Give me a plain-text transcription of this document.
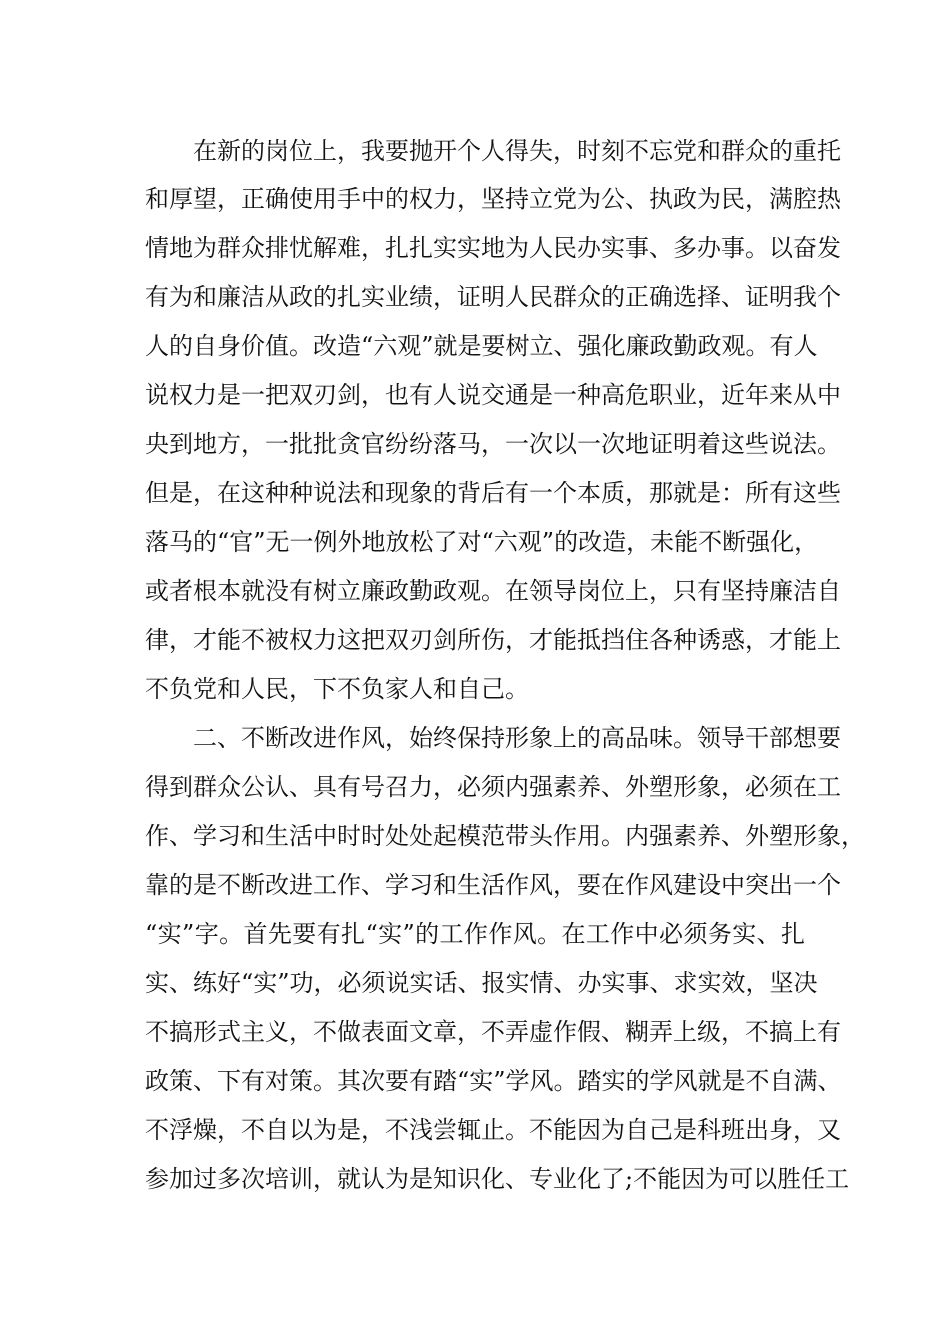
在新的岗位上，我要抛开个人得失，时刻不忘党和群众的重托

和厚望，正确使用手中的权力，坚持立党为公、执政为民，满腔热

情地为群众排忧解难，扎扎实实地为人民办实事、多办事。以奋发

有为和廉洁从政的扎实业绩，证明人民群众的正确选择、证明我个

人的自身价值。改造“六观”就是要树立、强化廉政勤政观。有人

说权力是一把双刃剑，也有人说交通是一种高危职业，近年来从中

央到地方，一批批贪官纷纷落马，一次以一次地证明着这些说法。

但是，在这种种说法和现象的背后有一个本质，那就是：所有这些

落马的“官”无一例外地放松了对“六观”的改造，未能不断强化，

或者根本就没有树立廉政勤政观。在领导岗位上，只有坚持廉洁自

律，才能不被权力这把双刃剑所伤，才能抵挡住各种诱惑，才能上

不负党和人民，下不负家人和自己。

二、不断改进作风，始终保持形象上的高品味。领导干部想要

得到群众公认、具有号召力，必须内强素养、外塑形象，必须在工

作、学习和生活中时时处处起模范带头作用。内强素养、外塑形象，

靠的是不断改进工作、学习和生活作风，要在作风建设中突出一个

“实”字。首先要有扎“实”的工作作风。在工作中必须务实、扎

实、练好“实”功，必须说实话、报实情、办实事、求实效，坚决

不搞形式主义，不做表面文章，不弄虚作假、糊弄上级，不搞上有

政策、下有对策。其次要有踏“实”学风。踏实的学风就是不自满、

不浮燥，不自以为是，不浅尝辄止。不能因为自己是科班出身，又

参加过多次培训，就认为是知识化、专业化了;不能因为可以胜任工
